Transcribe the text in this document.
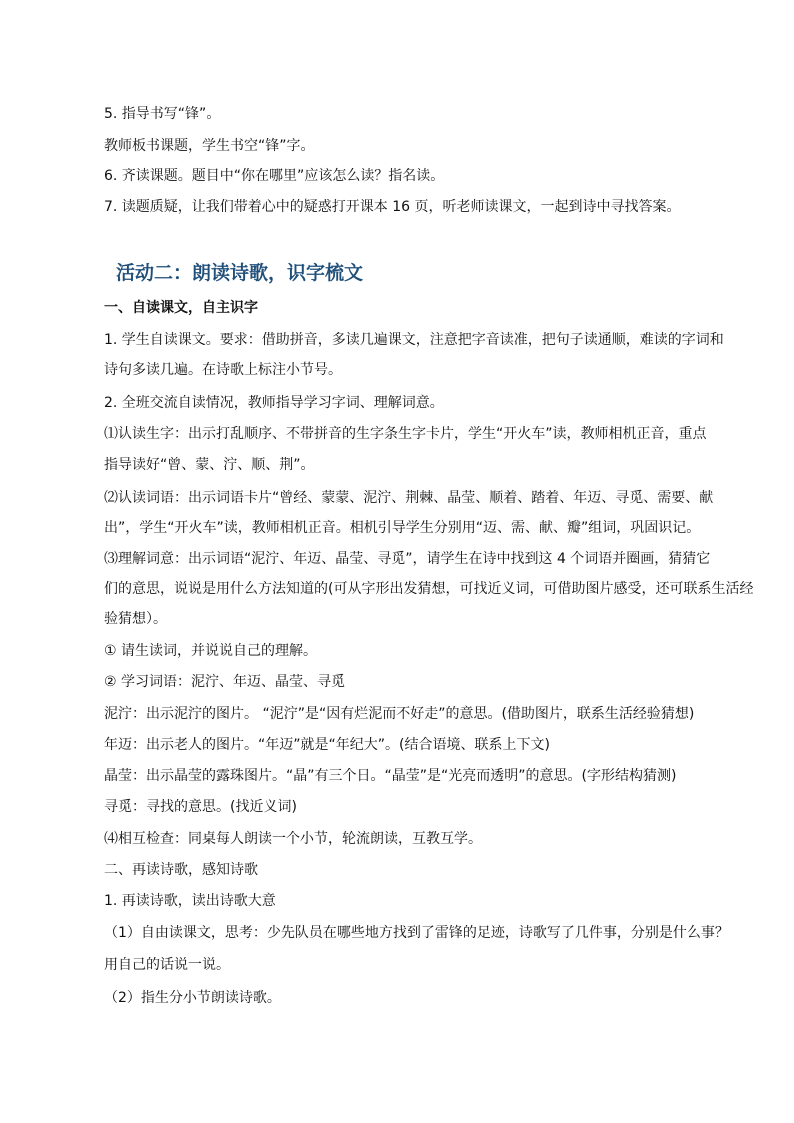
5. 指导书写“锋”。
教师板书课题，学生书空“锋”字。
6. 齐读课题。题目中“你在哪里”应该怎么读？指名读。
7. 读题质疑，让我们带着心中的疑惑打开课本 16 页，听老师读课文，一起到诗中寻找答案。
活动二：朗读诗歌，识字梳文
一、自读课文，自主识字
1. 学生自读课文。要求：借助拼音，多读几遍课文，注意把字音读准，把句子读通顺，难读的字词和
诗句多读几遍。在诗歌上标注小节号。
2. 全班交流自读情况，教师指导学习字词、理解词意。
⑴认读生字：出示打乱顺序、不带拼音的生字条生字卡片，学生“开火车”读，教师相机正音，重点
指导读好“曾、蒙、泞、顺、荆”。
⑵认读词语：出示词语卡片“曾经、蒙蒙、泥泞、荆棘、晶莹、顺着、踏着、年迈、寻觅、需要、献
出”，学生“开火车”读，教师相机正音。相机引导学生分别用“迈、需、献、瓣”组词，巩固识记。
⑶理解词意：出示词语“泥泞、年迈、晶莹、寻觅”，请学生在诗中找到这 4 个词语并圈画，猜猜它
们的意思，说说是用什么方法知道的(可从字形出发猜想，可找近义词，可借助图片感受，还可联系生活经
验猜想）。
① 请生读词，并说说自己的理解。
② 学习词语：泥泞、年迈、晶莹、寻觅
泥泞：出示泥泞的图片。 “泥泞”是“因有烂泥而不好走”的意思。(借助图片，联系生活经验猜想)
年迈：出示老人的图片。“年迈”就是“年纪大”。(结合语境、联系上下文)
晶莹：出示晶莹的露珠图片。“晶”有三个日。“晶莹”是“光亮而透明”的意思。(字形结构猜测)
寻觅：寻找的意思。(找近义词)
⑷相互检查：同桌每人朗读一个小节，轮流朗读，互教互学。
二、再读诗歌，感知诗歌
1. 再读诗歌，读出诗歌大意
（1）自由读课文，思考：少先队员在哪些地方找到了雷锋的足迹，诗歌写了几件事，分别是什么事？
用自己的话说一说。
（2）指生分小节朗读诗歌。
